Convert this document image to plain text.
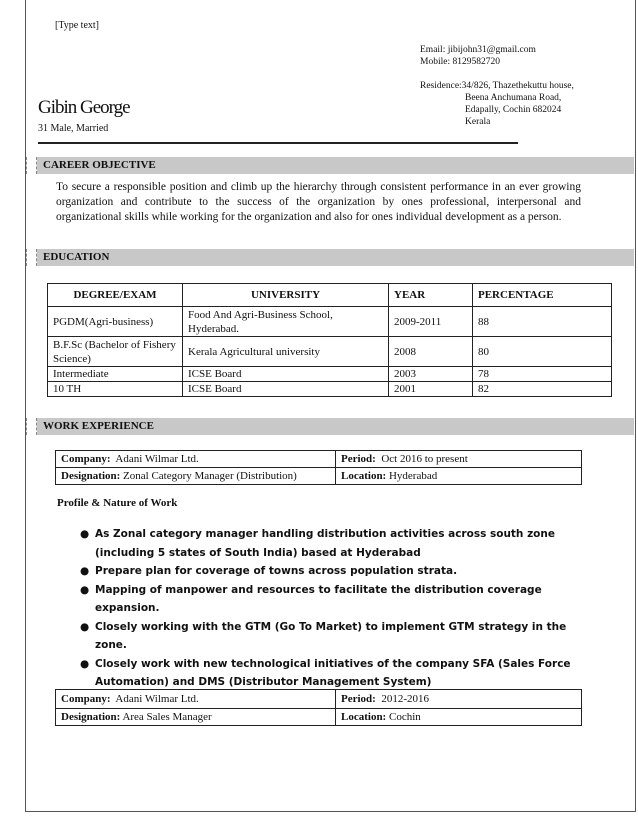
[Type text]
Email: jibijohn31@gmail.com
Mobile: 8129582720
Residence:34/826, Thazethekuttu house,
Beena Anchumana Road,
Edapally, Cochin 682024
Kerala
Gibin George
31 Male, Married
CAREER OBJECTIVE
To secure a responsible position and climb up the hierarchy through consistent performance in an ever growing organization and contribute to the success of the organization by ones professional, interpersonal and organizational skills while working for the organization and also for ones individual development as a person.
EDUCATION
DEGREE/EXAM	UNIVERSITY	YEAR	PERCENTAGE
PGDM(Agri-business)	Food And Agri-Business School, Hyderabad.	2009-2011	88
B.F.Sc (Bachelor of Fishery Science)	Kerala Agricultural university	2008	80
Intermediate	ICSE Board	2003	78
10 TH	ICSE Board	2001	82
WORK EXPERIENCE
Company: Adani Wilmar Ltd.	Period: Oct 2016 to present
Designation: Zonal Category Manager (Distribution)	Location: Hyderabad
Profile & Nature of Work
● As Zonal category manager handling distribution activities across south zone (including 5 states of South India) based at Hyderabad
● Prepare plan for coverage of towns across population strata.
● Mapping of manpower and resources to facilitate the distribution coverage expansion.
● Closely working with the GTM (Go To Market) to implement GTM strategy in the zone.
● Closely work with new technological initiatives of the company SFA (Sales Force Automation) and DMS (Distributor Management System)
Company: Adani Wilmar Ltd.	Period: 2012-2016
Designation: Area Sales Manager	Location: Cochin
